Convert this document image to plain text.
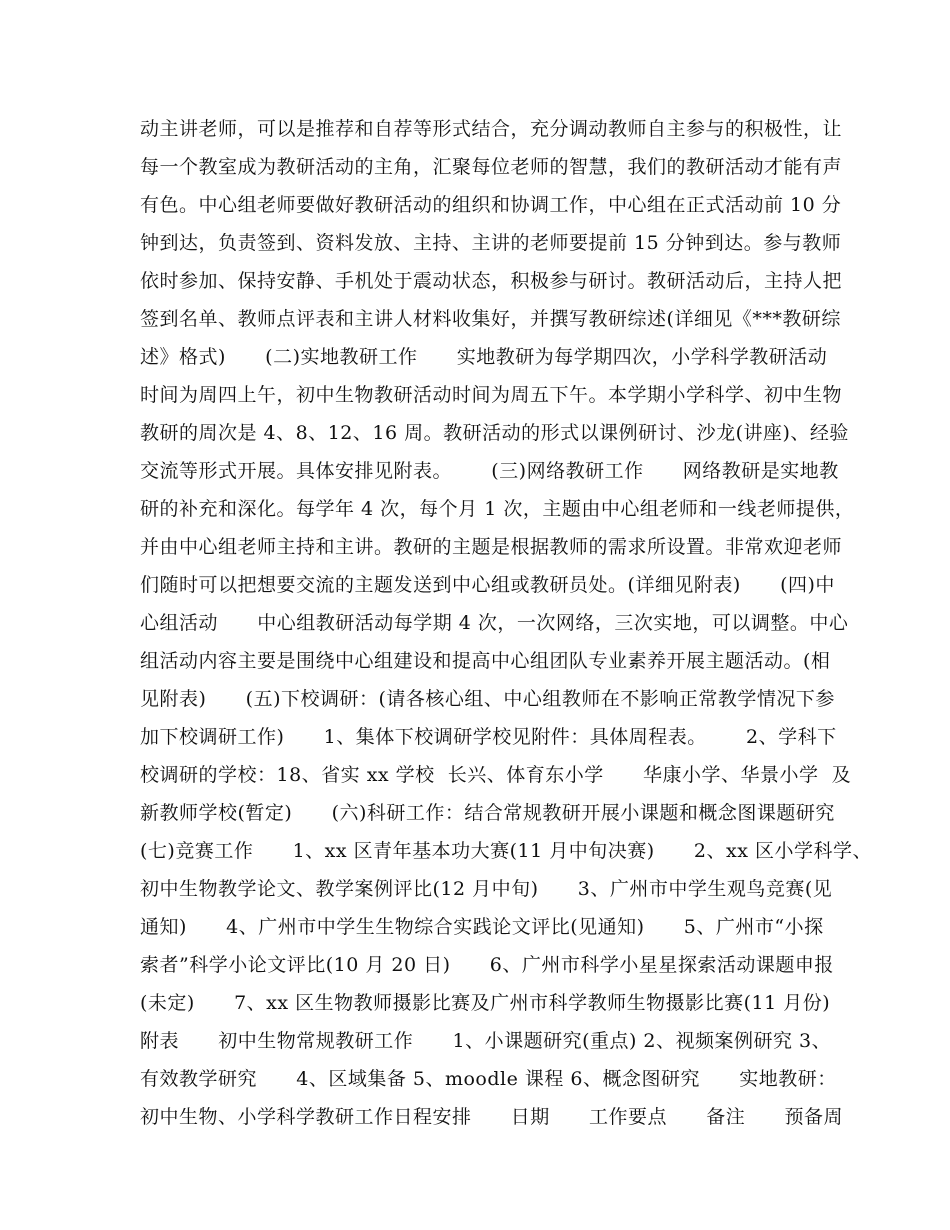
动主讲老师，可以是推荐和自荐等形式结合，充分调动教师自主参与的积极性，让
每一个教室成为教研活动的主角，汇聚每位老师的智慧，我们的教研活动才能有声
有色。中心组老师要做好教研活动的组织和协调工作，中心组在正式活动前 10 分
钟到达，负责签到、资料发放、主持、主讲的老师要提前 15 分钟到达。参与教师
依时参加、保持安静、手机处于震动状态，积极参与研讨。教研活动后，主持人把
签到名单、教师点评表和主讲人材料收集好，并撰写教研综述(详细见《***教研综
述》格式)      (二)实地教研工作      实地教研为每学期四次，小学科学教研活动
时间为周四上午，初中生物教研活动时间为周五下午。本学期小学科学、初中生物
教研的周次是 4、8、12、16 周。教研活动的形式以课例研讨、沙龙(讲座)、经验
交流等形式开展。具体安排见附表。      (三)网络教研工作      网络教研是实地教
研的补充和深化。每学年 4 次，每个月 1 次，主题由中心组老师和一线老师提供，
并由中心组老师主持和主讲。教研的主题是根据教师的需求所设置。非常欢迎老师
们随时可以把想要交流的主题发送到中心组或教研员处。(详细见附表)      (四)中
心组活动      中心组教研活动每学期 4 次，一次网络，三次实地，可以调整。中心
组活动内容主要是围绕中心组建设和提高中心组团队专业素养开展主题活动。(相
见附表)      (五)下校调研：(请各核心组、中心组教师在不影响正常教学情况下参
加下校调研工作)      1、集体下校调研学校见附件：具体周程表。      2、学科下
校调研的学校：18、省实 xx 学校  长兴、体育东小学      华康小学、华景小学  及
新教师学校(暂定)      (六)科研工作：结合常规教研开展小课题和概念图课题研究
(七)竞赛工作      1、xx 区青年基本功大赛(11 月中旬决赛)      2、xx 区小学科学、
初中生物教学论文、教学案例评比(12 月中旬)      3、广州市中学生观鸟竞赛(见
通知)      4、广州市中学生生物综合实践论文评比(见通知)      5、广州市“小探
索者”科学小论文评比(10 月 20 日)      6、广州市科学小星星探索活动课题申报
(未定)      7、xx 区生物教师摄影比赛及广州市科学教师生物摄影比赛(11 月份)
附表      初中生物常规教研工作      1、小课题研究(重点) 2、视频案例研究 3、
有效教学研究      4、区域集备 5、moodle 课程 6、概念图研究      实地教研：
初中生物、小学科学教研工作日程安排      日期      工作要点      备注      预备周
